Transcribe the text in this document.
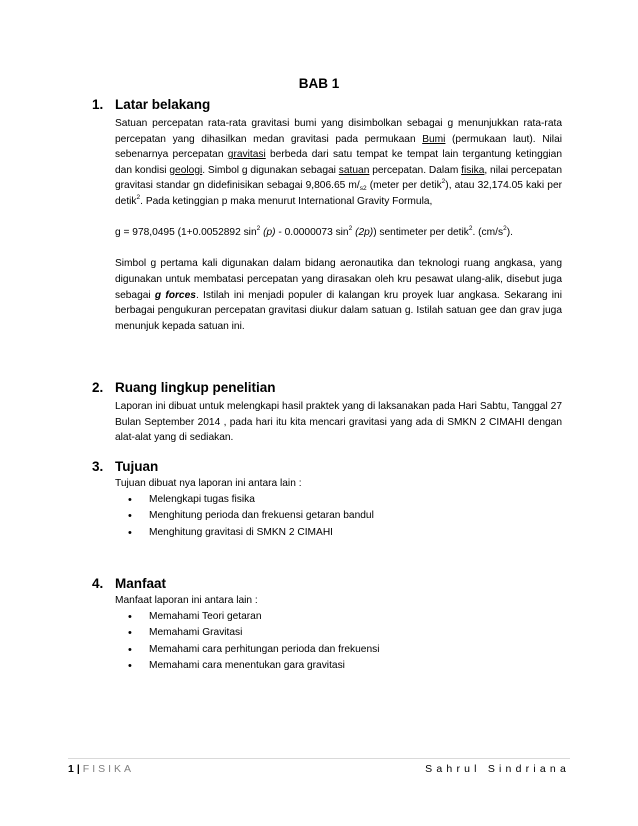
BAB 1
1. Latar belakang

Satuan percepatan rata-rata gravitasi bumi yang disimbolkan sebagai g menunjukkan rata-rata percepatan yang dihasilkan medan gravitasi pada permukaan Bumi (permukaan laut). Nilai sebenarnya percepatan gravitasi berbeda dari satu tempat ke tempat lain tergantung ketinggian dan kondisi geologi. Simbol g digunakan sebagai satuan percepatan. Dalam fisika, nilai percepatan gravitasi standar gn didefinisikan sebagai 9,806.65 $m/_{s2}$ (meter per detik$^2$), atau 32,174.05 kaki per detik$^2$. Pada ketinggian p maka menurut International Gravity Formula,

g = 978,0495 (1+0.0052892 $\sin^2 (p) - 0.0000073$ $\sin^2 (2p)$) sentimeter per detik$^2$. $(cm/s^2)$.

Simbol g pertama kali digunakan dalam bidang aeronautika dan teknologi ruang angkasa, yang digunakan untuk membatasi percepatan yang dirasakan oleh kru pesawat ulang-alik, disebut juga sebagai g forces. Istilah ini menjadi populer di kalangan kru proyek luar angkasa. Sekarang ini berbagai pengukuran percepatan gravitasi diukur dalam satuan g. Istilah satuan gee dan grav juga menunjuk kepada satuan ini.

2. Ruang lingkup penelitian

Laporan ini dibuat untuk melengkapi hasil praktek yang di laksanakan pada Hari Sabtu, Tanggal 27 Bulan September 2014 , pada hari itu kita mencari gravitasi yang ada di SMKN 2 CIMAHI dengan alat-alat yang di sediakan.

3. Tujuan

Tujuan dibuat nya laporan ini antara lain :

• Melengkapi tugas fisika
• Menghitung perioda dan frekuensi getaran bandul
• Menghitung gravitasi di SMKN 2 CIMAHI
4. Manfaat

Manfaat laporan ini antara lain :

• Memahami Teori getaran
• Memahami Gravitasi
• Memahami cara perhitungan perioda dan frekuensi
• Memahami cara menentukan gara gravitasi
1 | FISIKA	Sahrul Sindriana
